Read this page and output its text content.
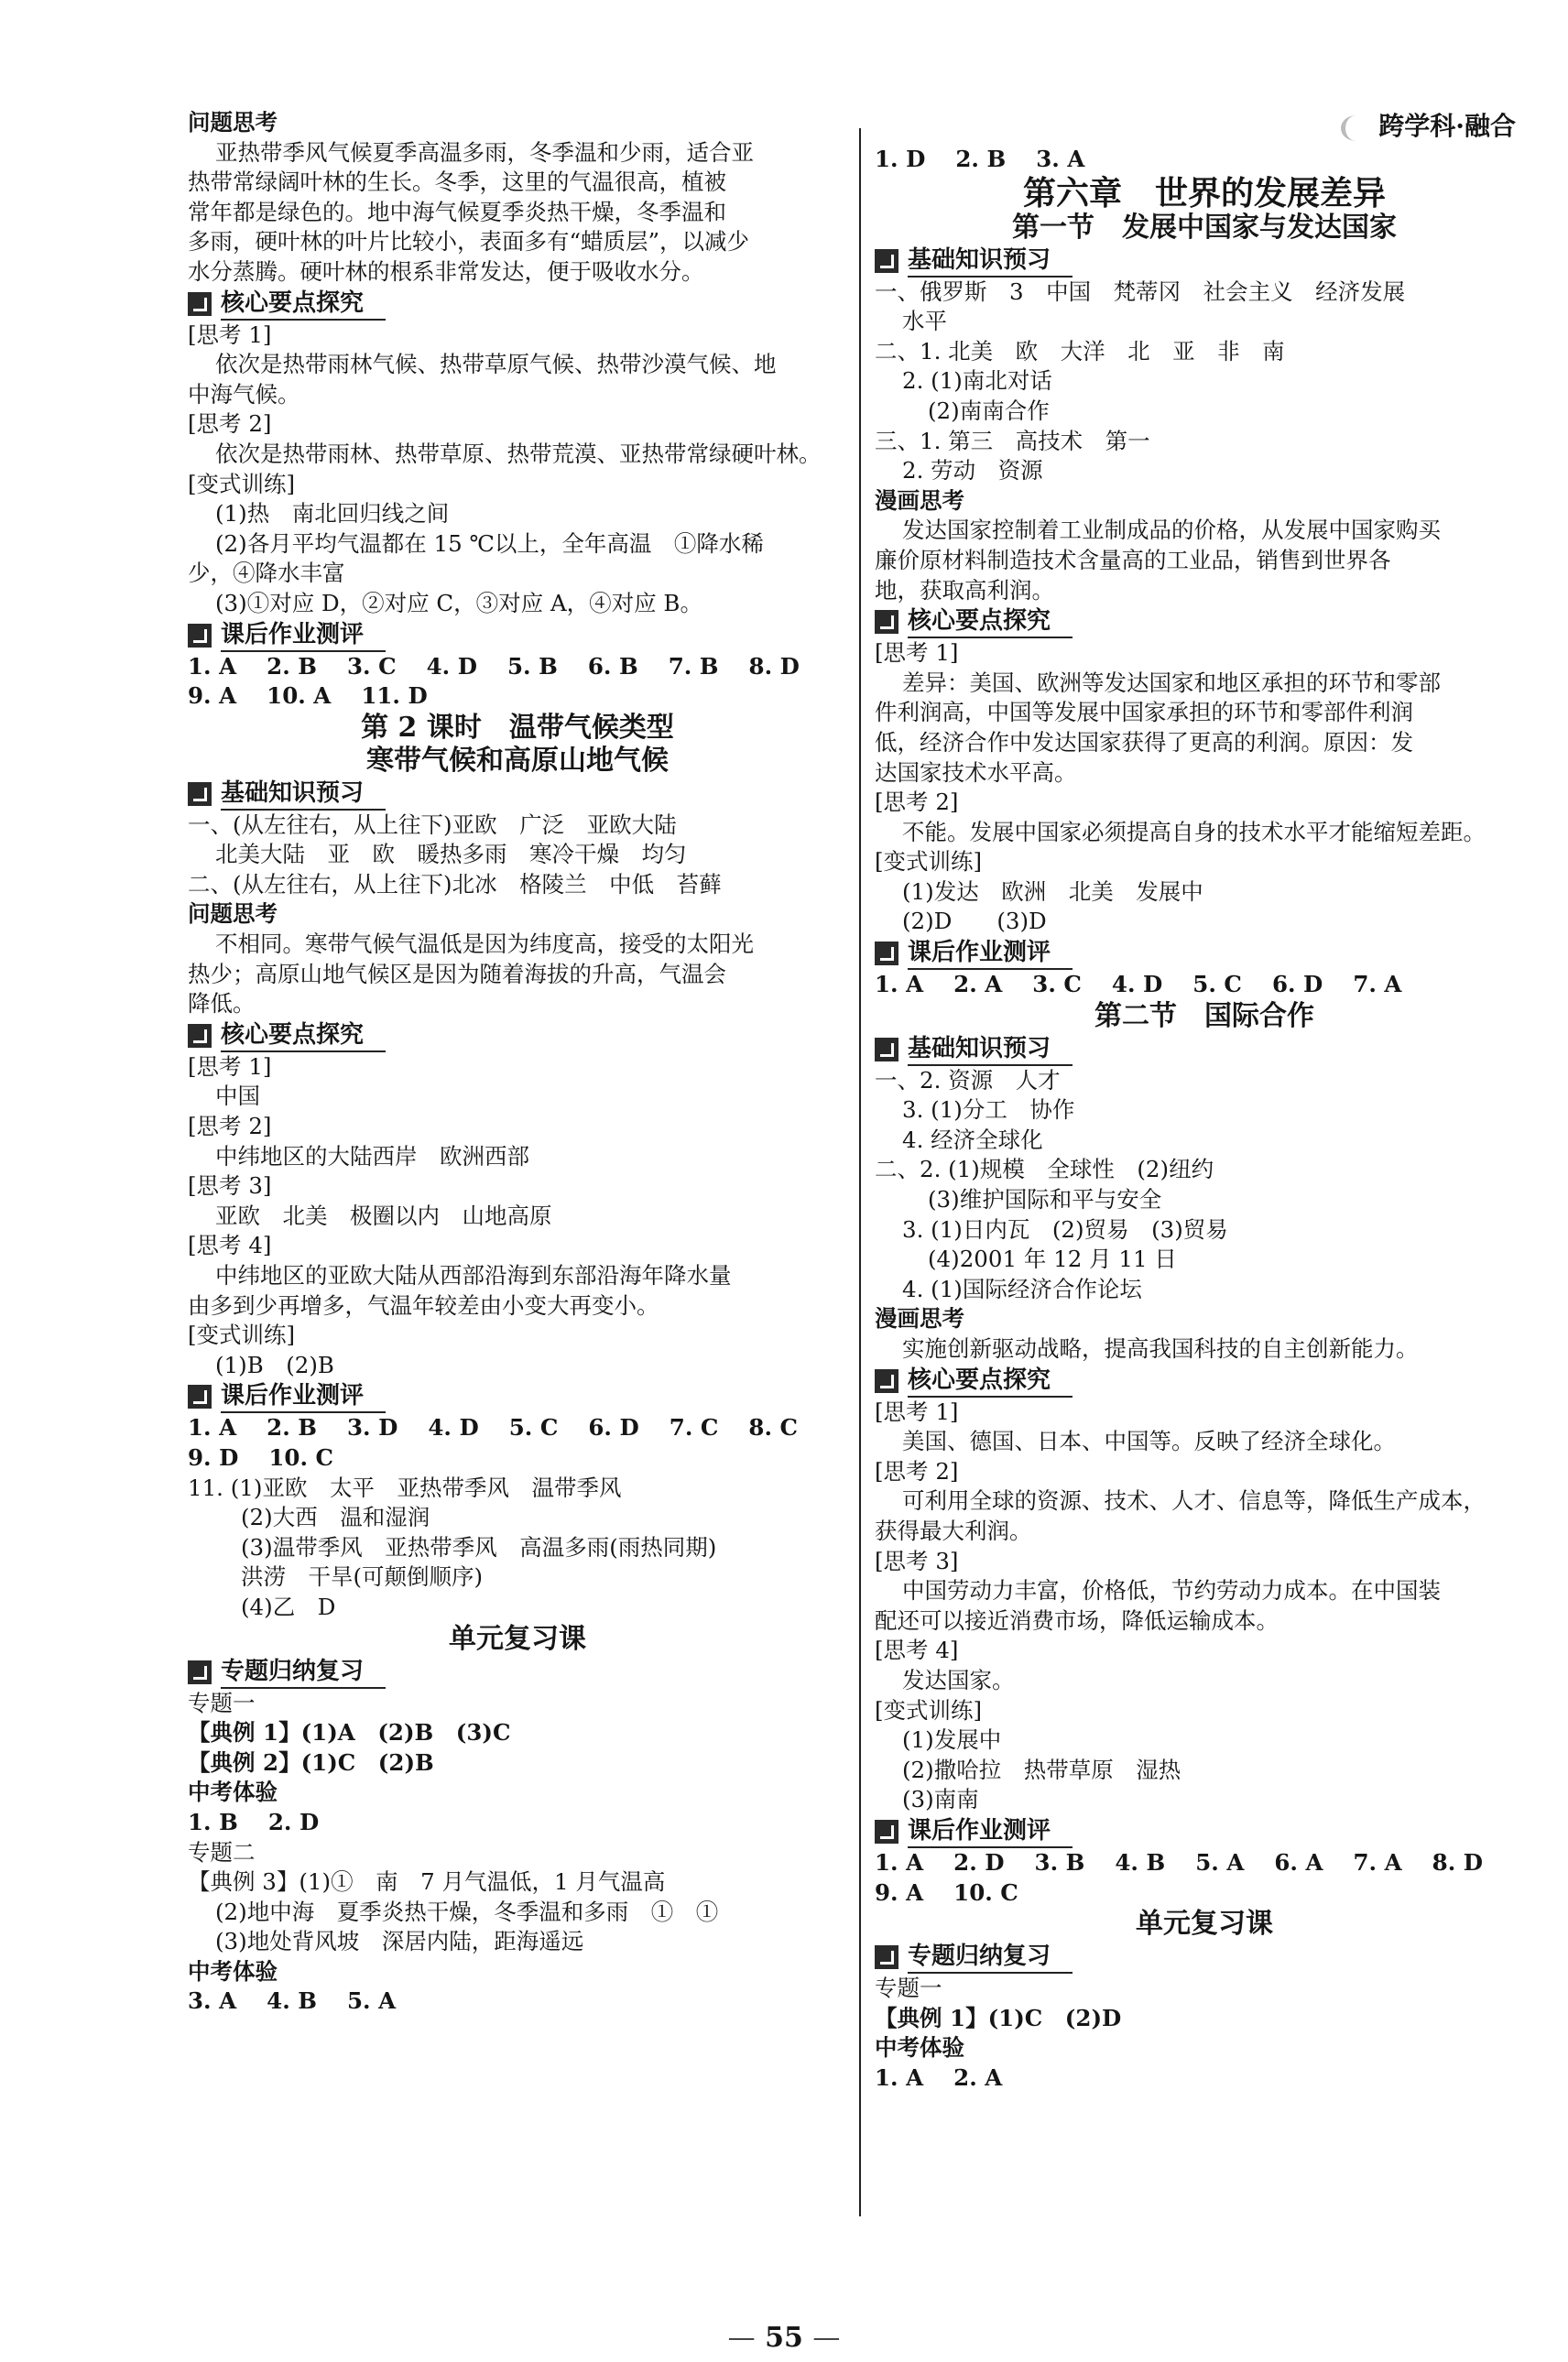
问题思考
亚热带季风气候夏季高温多雨，冬季温和少雨，适合亚
热带常绿阔叶林的生长。冬季，这里的气温很高，植被
常年都是绿色的。地中海气候夏季炎热干燥，冬季温和
多雨，硬叶林的叶片比较小，表面多有“蜡质层”，以减少
水分蒸腾。硬叶林的根系非常发达，便于吸收水分。
核心要点探究
[思考 1]
依次是热带雨林气候、热带草原气候、热带沙漠气候、地
中海气候。
[思考 2]
依次是热带雨林、热带草原、热带荒漠、亚热带常绿硬叶林。
[变式训练]
(1)热　南北回归线之间
(2)各月平均气温都在 15 ℃以上，全年高温　①降水稀
少，④降水丰富
(3)①对应 D，②对应 C，③对应 A，④对应 B。
课后作业测评
1. A　 2. B　 3. C　 4. D　 5. B　 6. B　 7. B　 8. D
9. A　 10. A　 11. D
第 2 课时　温带气候类型
寒带气候和高原山地气候
基础知识预习
一、(从左往右，从上往下)亚欧　广泛　亚欧大陆
北美大陆　亚　欧　暖热多雨　寒冷干燥　均匀
二、(从左往右，从上往下)北冰　格陵兰　中低　苔藓
问题思考
不相同。寒带气候气温低是因为纬度高，接受的太阳光
热少；高原山地气候区是因为随着海拔的升高，气温会
降低。
核心要点探究
[思考 1]
中国
[思考 2]
中纬地区的大陆西岸　欧洲西部
[思考 3]
亚欧　北美　极圈以内　山地高原
[思考 4]
中纬地区的亚欧大陆从西部沿海到东部沿海年降水量
由多到少再增多，气温年较差由小变大再变小。
[变式训练]
(1)B　(2)B
课后作业测评
1. A　 2. B　 3. D　 4. D　 5. C　 6. D　 7. C　 8. C
9. D　 10. C
11. (1)亚欧　太平　亚热带季风　温带季风
(2)大西　温和湿润
(3)温带季风　亚热带季风　高温多雨(雨热同期)
洪涝　干旱(可颠倒顺序)
(4)乙　D
单元复习课
专题归纳复习
专题一
【典例 1】(1)A　(2)B　(3)C
【典例 2】(1)C　(2)B
中考体验
1. B　 2. D
专题二
【典例 3】(1)①　南　7 月气温低，1 月气温高
(2)地中海　夏季炎热干燥，冬季温和多雨　①　①
(3)地处背风坡　深居内陆，距海遥远
中考体验
3. A　 4. B　 5. A
跨学科·融合
1. D　 2. B　 3. A
第六章　世界的发展差异
第一节　发展中国家与发达国家
基础知识预习
一、俄罗斯　3　中国　梵蒂冈　社会主义　经济发展
水平
二、1. 北美　欧　大洋　北　亚　非　南
2. (1)南北对话
(2)南南合作
三、1. 第三　高技术　第一
2. 劳动　资源
漫画思考
发达国家控制着工业制成品的价格，从发展中国家购买
廉价原材料制造技术含量高的工业品，销售到世界各
地，获取高利润。
核心要点探究
[思考 1]
差异：美国、欧洲等发达国家和地区承担的环节和零部
件利润高，中国等发展中国家承担的环节和零部件利润
低，经济合作中发达国家获得了更高的利润。原因：发
达国家技术水平高。
[思考 2]
不能。发展中国家必须提高自身的技术水平才能缩短差距。
[变式训练]
(1)发达　欧洲　北美　发展中
(2)D　　(3)D
课后作业测评
1. A　 2. A　 3. C　 4. D　 5. C　 6. D　 7. A
第二节　国际合作
基础知识预习
一、2. 资源　人才
3. (1)分工　协作
4. 经济全球化
二、2. (1)规模　全球性　(2)纽约
(3)维护国际和平与安全
3. (1)日内瓦　(2)贸易　(3)贸易
(4)2001 年 12 月 11 日
4. (1)国际经济合作论坛
漫画思考
实施创新驱动战略，提高我国科技的自主创新能力。
核心要点探究
[思考 1]
美国、德国、日本、中国等。反映了经济全球化。
[思考 2]
可利用全球的资源、技术、人才、信息等，降低生产成本，
获得最大利润。
[思考 3]
中国劳动力丰富，价格低，节约劳动力成本。在中国装
配还可以接近消费市场，降低运输成本。
[思考 4]
发达国家。
[变式训练]
(1)发展中
(2)撒哈拉　热带草原　湿热
(3)南南
课后作业测评
1. A　 2. D　 3. B　 4. B　 5. A　 6. A　 7. A　 8. D
9. A　 10. C
单元复习课
专题归纳复习
专题一
【典例 1】(1)C　(2)D
中考体验
1. A　 2. A
— 55 —
